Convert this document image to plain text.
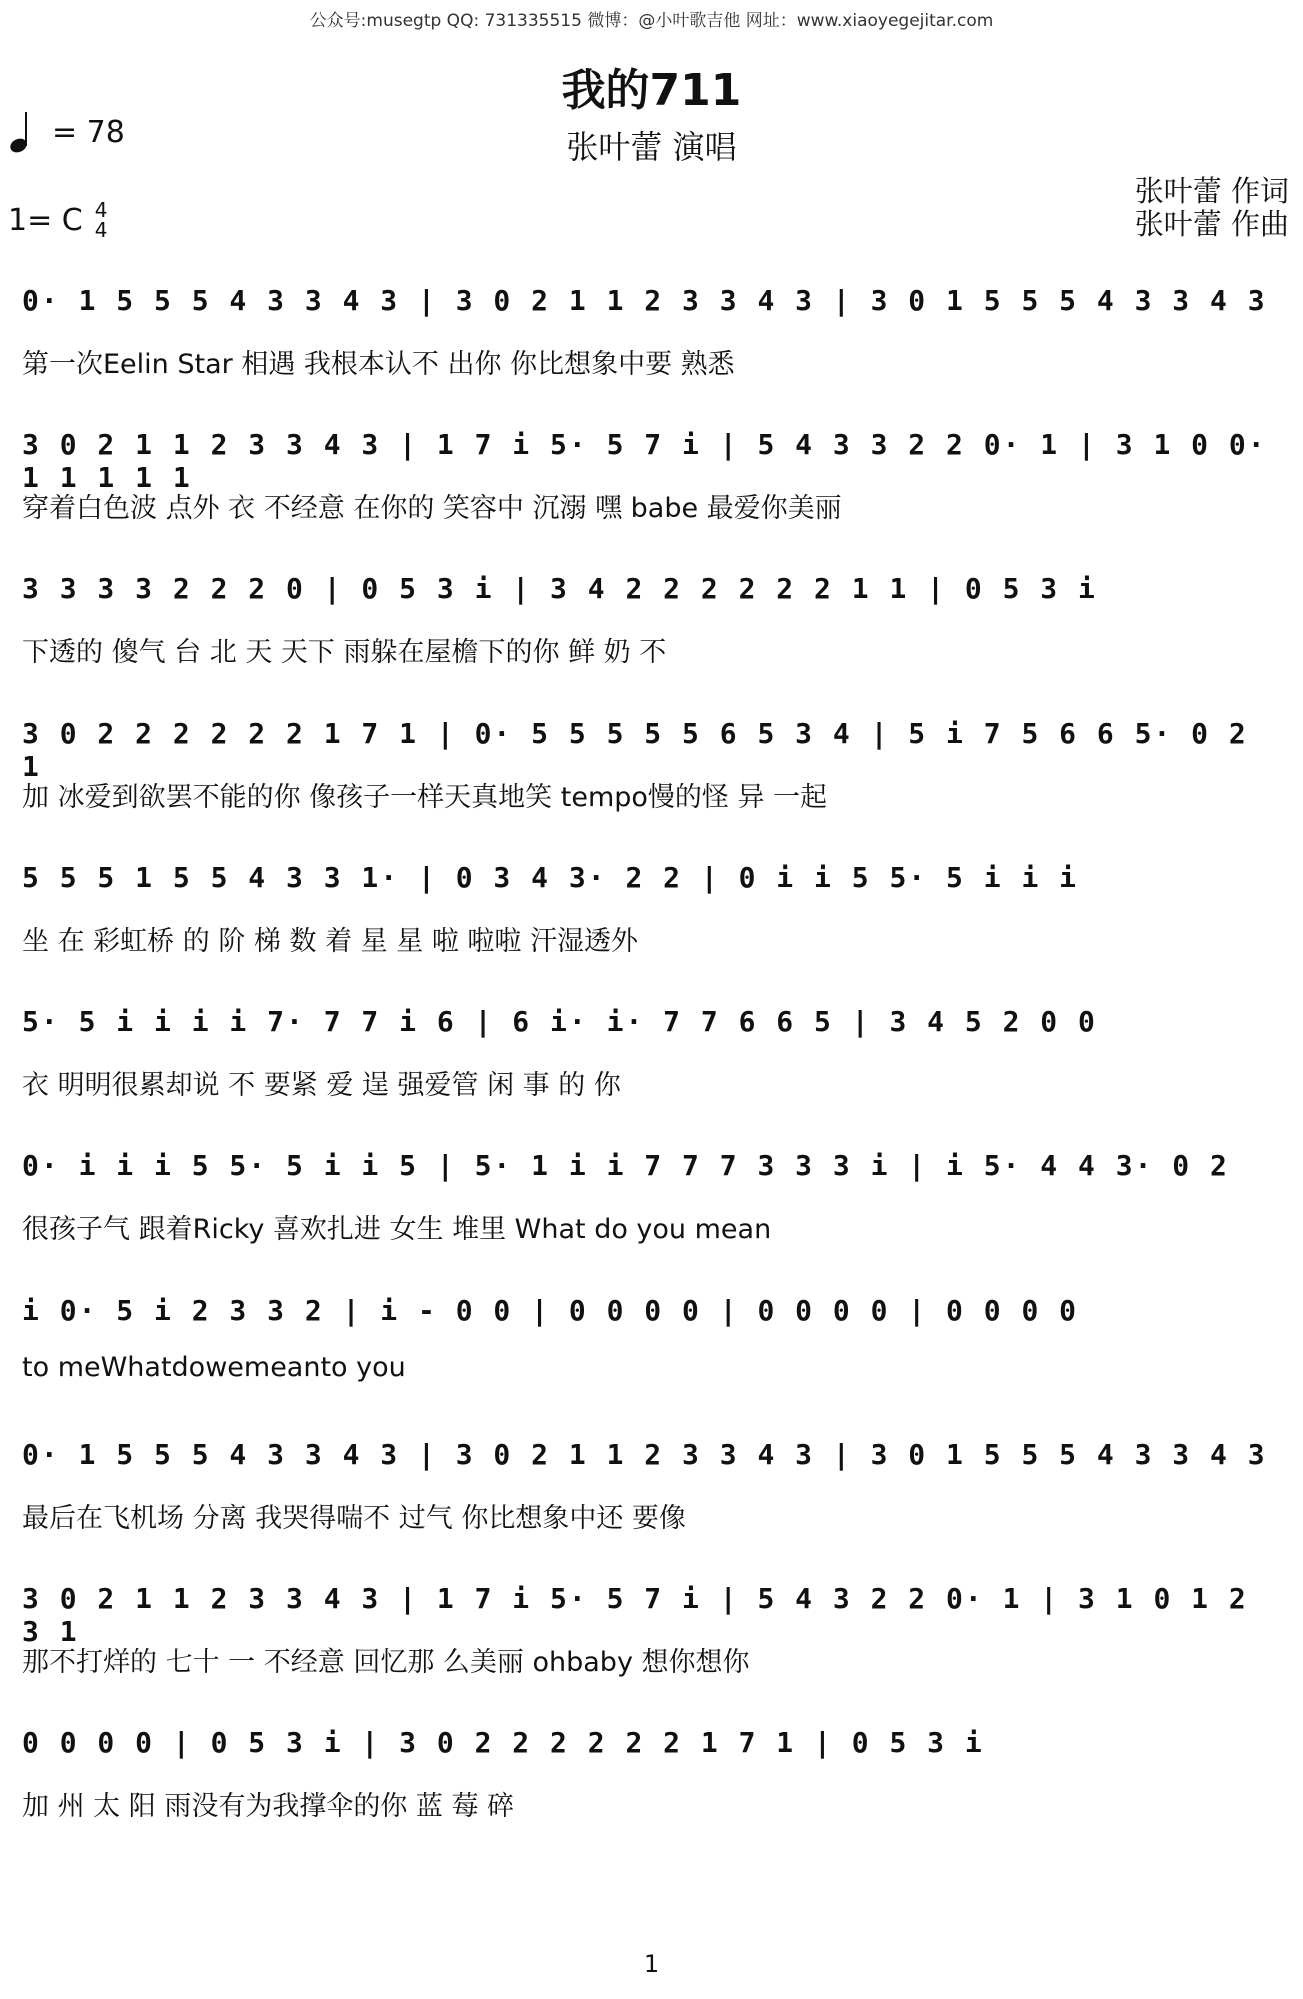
公众号:musegtp QQ: 731335515 微博：@小叶歌吉他 网址：www.xiaoyegejitar.com
我的711
张叶蕾 演唱
= 78
1= C 4
4
张叶蕾 作词
张叶蕾 作曲
0· 1 5 5 5 4 3 3 4 3 | 3 0 2 1 1 2 3 3 4 3 | 3 0 1 5 5 5 4 3 3 4 3
第一次Eelin Star 相遇 我根本认不 出你 你比想象中要 熟悉
3 0 2 1 1 2 3 3 4 3 | 1 7 i 5· 5 7 i | 5 4 3 3 2 2 0· 1 | 3 1 0 0· 1 1 1 1 1
穿着白色波 点外 衣 不经意 在你的 笑容中 沉溺 嘿 babe 最爱你美丽
3 3 3 3 2 2 2 0 | 0 5 3 i | 3 4 2 2 2 2 2 2 1 1 | 0 5 3 i
下透的 傻气 台 北 天 天下 雨躲在屋檐下的你 鲜 奶 不
3 0 2 2 2 2 2 2 1 7 1 | 0· 5 5 5 5 5 6 5 3 4 | 5 i 7 5 6 6 5· 0 2 1
加 冰爱到欲罢不能的你 像孩子一样天真地笑 tempo慢的怪 异 一起
5 5 5 1 5 5 4 3 3 1· | 0 3 4 3· 2 2 | 0 i i 5 5· 5 i i i
坐 在 彩虹桥 的 阶 梯 数 着 星 星 啦 啦啦 汗湿透外
5· 5 i i i i 7· 7 7 i 6 | 6 i· i· 7 7 6 6 5 | 3 4 5 2 0 0
衣 明明很累却说 不 要紧 爱 逞 强爱管 闲 事 的 你
0· i i i 5 5· 5 i i 5 | 5· 1 i i 7 7 7 3 3 3 i | i 5· 4 4 3· 0 2
很孩子气 跟着Ricky 喜欢扎进 女生 堆里 What do you mean
i 0· 5 i 2 3 3 2 | i - 0 0 | 0 0 0 0 | 0 0 0 0 | 0 0 0 0
to meWhatdowemeanto you
0· 1 5 5 5 4 3 3 4 3 | 3 0 2 1 1 2 3 3 4 3 | 3 0 1 5 5 5 4 3 3 4 3
最后在飞机场 分离 我哭得喘不 过气 你比想象中还 要像
3 0 2 1 1 2 3 3 4 3 | 1 7 i 5· 5 7 i | 5 4 3 2 2 0· 1 | 3 1 0 1 2 3 1
那不打烊的 七十 一 不经意 回忆那 么美丽 ohbaby 想你想你
0 0 0 0 | 0 5 3 i | 3 0 2 2 2 2 2 2 1 7 1 | 0 5 3 i
加 州 太 阳 雨没有为我撑伞的你 蓝 莓 碎
1
